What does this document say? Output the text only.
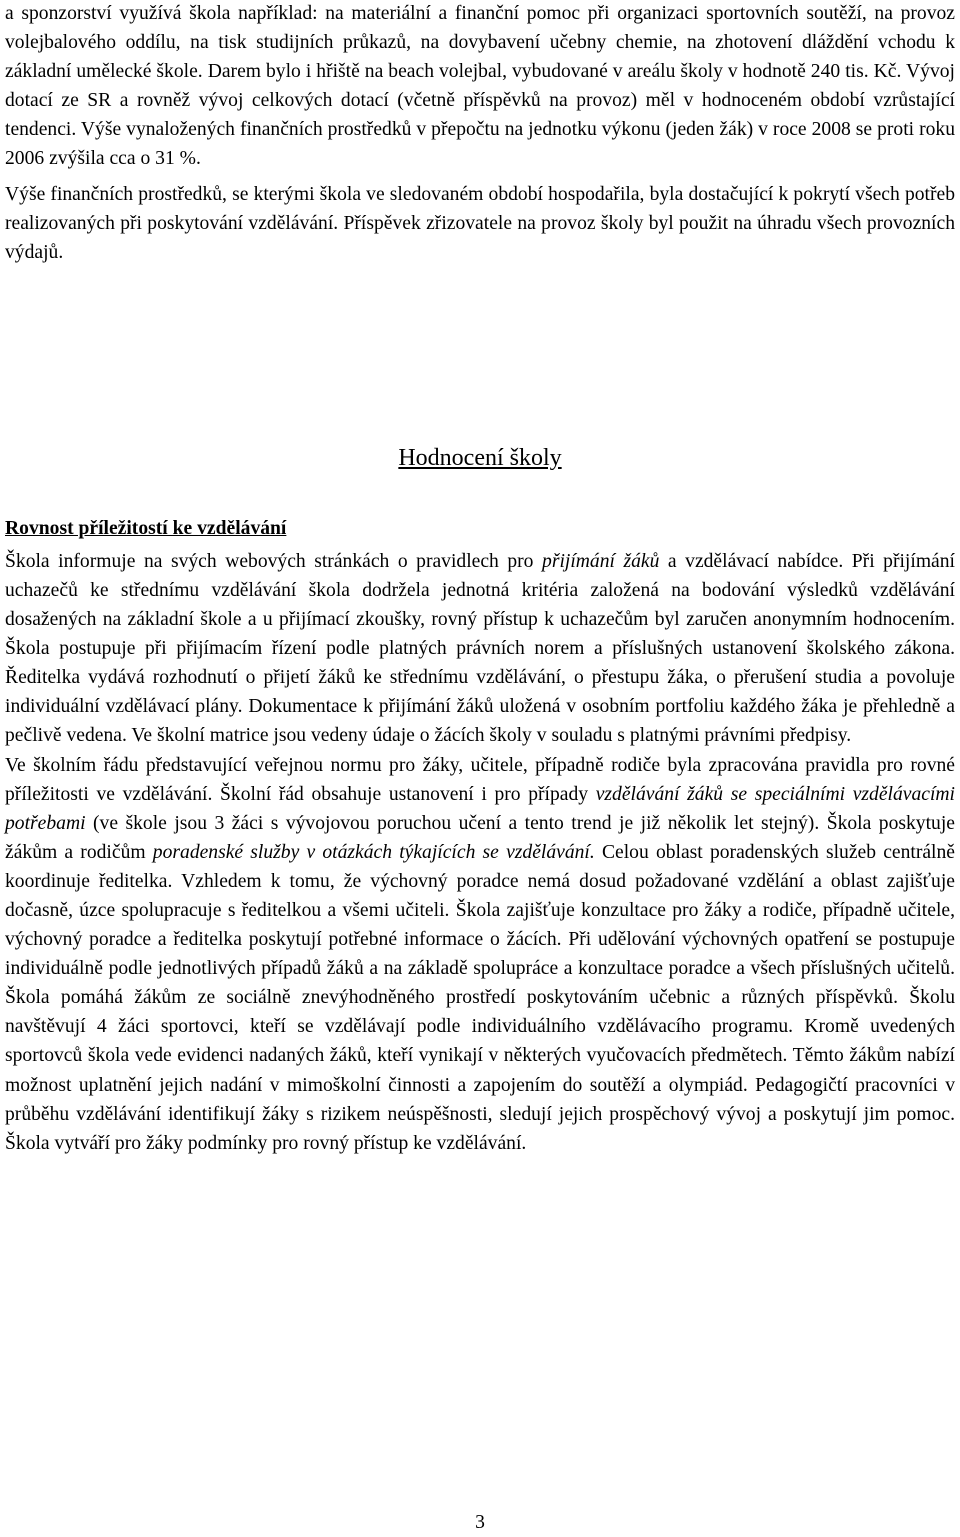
a sponzorství využívá škola například: na materiální a finanční pomoc při organizaci sportovních soutěží, na provoz volejbalového oddílu, na tisk studijních průkazů, na dovybavení učebny chemie, na zhotovení dláždění vchodu k základní umělecké škole. Darem bylo i hřiště na beach volejbal, vybudované v areálu školy v hodnotě 240 tis. Kč. Vývoj dotací ze SR a rovněž vývoj celkových dotací (včetně příspěvků na provoz) měl v hodnoceném období vzrůstající tendenci. Výše vynaložených finančních prostředků v přepočtu na jednotku výkonu (jeden žák) v roce 2008 se proti roku 2006 zvýšila cca o 31 %.

Výše finančních prostředků, se kterými škola ve sledovaném období hospodařila, byla dostačující k pokrytí všech potřeb realizovaných při poskytování vzdělávání. Příspěvek zřizovatele na provoz školy byl použit na úhradu všech provozních výdajů.

Hodnocení školy
Rovnost příležitostí ke vzdělávání

Škola informuje na svých webových stránkách o pravidlech pro přijímání žáků a vzdělávací nabídce. Při přijímání uchazečů ke střednímu vzdělávání škola dodržela jednotná kritéria založená na bodování výsledků vzdělávání dosažených na základní škole a u přijímací zkoušky, rovný přístup k uchazečům byl zaručen anonymním hodnocením. Škola postupuje při přijímacím řízení podle platných právních norem a příslušných ustanovení školského zákona. Ředitelka vydává rozhodnutí o přijetí žáků ke střednímu vzdělávání, o přestupu žáka, o přerušení studia a povoluje individuální vzdělávací plány. Dokumentace k přijímání žáků uložená v osobním portfoliu každého žáka je přehledně a pečlivě vedena. Ve školní matrice jsou vedeny údaje o žácích školy v souladu s platnými právními předpisy.

Ve školním řádu představující veřejnou normu pro žáky, učitele, případně rodiče byla zpracována pravidla pro rovné příležitosti ve vzdělávání. Školní řád obsahuje ustanovení i pro případy vzdělávání žáků se speciálními vzdělávacími potřebami (ve škole jsou 3 žáci s vývojovou poruchou učení a tento trend je již několik let stejný). Škola poskytuje žákům a rodičům poradenské služby v otázkách týkajících se vzdělávání. Celou oblast poradenských služeb centrálně koordinuje ředitelka. Vzhledem k tomu, že výchovný poradce nemá dosud požadované vzdělání a oblast zajišťuje dočasně, úzce spolupracuje s ředitelkou a všemi učiteli. Škola zajišťuje konzultace pro žáky a rodiče, případně učitele, výchovný poradce a ředitelka poskytují potřebné informace o žácích. Při udělování výchovných opatření se postupuje individuálně podle jednotlivých případů žáků a na základě spolupráce a konzultace poradce a všech příslušných učitelů. Škola pomáhá žákům ze sociálně znevýhodněného prostředí poskytováním učebnic a různých příspěvků. Školu navštěvují 4 žáci sportovci, kteří se vzdělávají podle individuálního vzdělávacího programu. Kromě uvedených sportovců škola vede evidenci nadaných žáků, kteří vynikají v některých vyučovacích předmětech. Těmto žákům nabízí možnost uplatnění jejich nadání v mimoškolní činnosti a zapojením do soutěží a olympiád. Pedagogičtí pracovníci v průběhu vzdělávání identifikují žáky s rizikem neúspěšnosti, sledují jejich prospěchový vývoj a poskytují jim pomoc. Škola vytváří pro žáky podmínky pro rovný přístup ke vzdělávání.

3
